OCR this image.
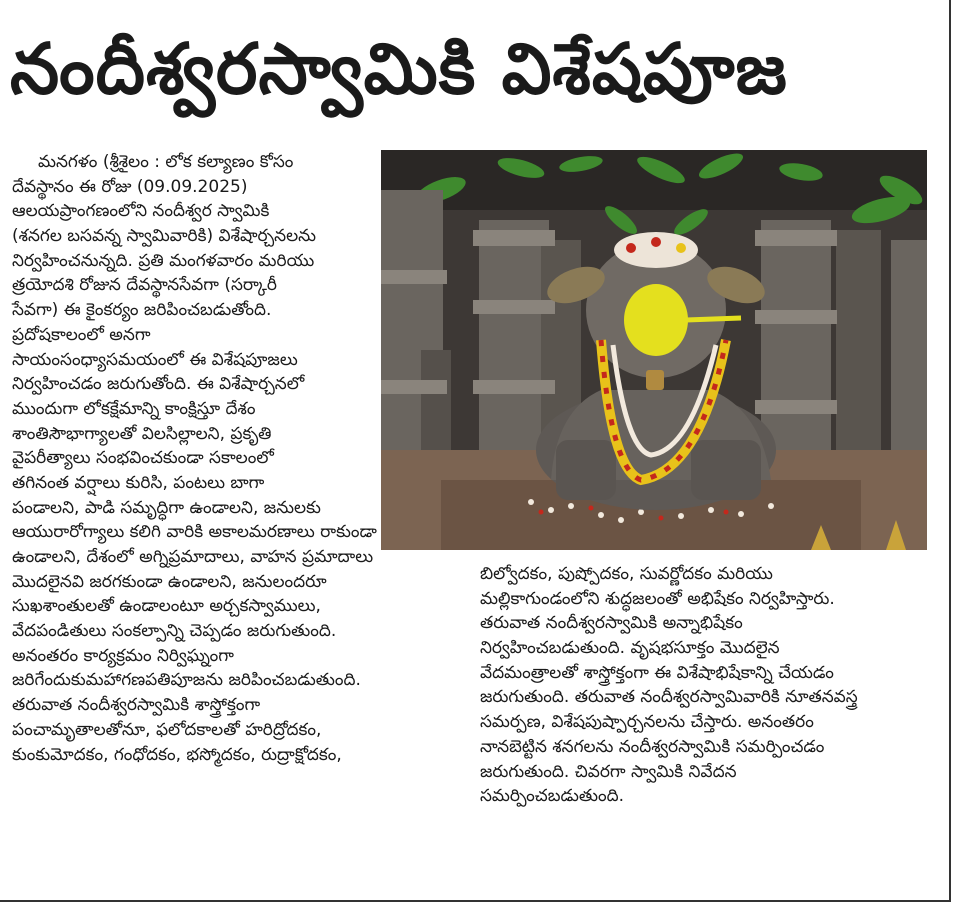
నందీశ్వరస్వామికి విశేషపూజ
మనగళం (శ్రీశైలం : లోక కల్యాణం కోసం
దేవస్థానం ఈ రోజు (09.09.2025)
ఆలయప్రాంగణంలోని నందీశ్వర స్వామికి
(శనగల బసవన్న స్వామివారికి) విశేషార్చనలను
నిర్వహించనున్నది. ప్రతి మంగళవారం మరియు
త్రయోదశి రోజున దేవస్థానసేవగా (సర్కారీ
సేవగా) ఈ కైంకర్యం జరిపించబడుతోంది.
ప్రదోషకాలంలో అనగా
సాయంసంధ్యాసమయంలో ఈ విశేషపూజలు
నిర్వహించడం జరుగుతోంది. ఈ విశేషార్చనలో
ముందుగా లోకక్షేమాన్ని కాంక్షిస్తూ దేశం
శాంతిసౌభాగ్యాలతో విలసిల్లాలని, ప్రకృతి
వైపరీత్యాలు సంభవించకుండా సకాలంలో
తగినంత వర్షాలు కురిసి, పంటలు బాగా
పండాలని, పాడి సమృద్ధిగా ఉండాలని, జనులకు
ఆయురారోగ్యాలు కలిగి వారికి అకాలమరణాలు రాకుండా
ఉండాలని, దేశంలో అగ్నిప్రమాదాలు, వాహన ప్రమాదాలు
మొదలైనవి జరగకుండా ఉండాలని, జనులందరూ
సుఖశాంతులతో ఉండాలంటూ అర్చకస్వాములు,
వేదపండితులు సంకల్పాన్ని చెప్పడం జరుగుతుంది.
అనంతరం కార్యక్రమం నిర్విఘ్నంగా
జరిగేందుకుమహాగణపతిపూజను జరిపించబడుతుంది.
తరువాత నందీశ్వరస్వామికి శాస్త్రోక్తంగా
పంచామృతాలతోనూ, ఫలోదకాలతో హరిద్రోదకం,
కుంకుమోదకం, గంధోదకం, భస్మోదకం, రుద్రాక్షోదకం,
బిల్వోదకం, పుష్పోదకం, సువర్ణోదకం మరియు
మల్లికాగుండంలోని శుద్ధజలంతో అభిషేకం నిర్వహిస్తారు.
తరువాత నందీశ్వరస్వామికి అన్నాభిషేకం
నిర్వహించబడుతుంది. వృషభసూక్తం మొదలైన
వేదమంత్రాలతో శాస్త్రోక్తంగా ఈ విశేషాభిషేకాన్ని చేయడం
జరుగుతుంది. తరువాత నందీశ్వరస్వామివారికి నూతనవస్త్ర
సమర్పణ, విశేషపుష్పార్చనలను చేస్తారు. అనంతరం
నానబెట్టిన శనగలను నందీశ్వరస్వామికి సమర్పించడం
జరుగుతుంది. చివరగా స్వామికి నివేదన
సమర్పించబడుతుంది.
